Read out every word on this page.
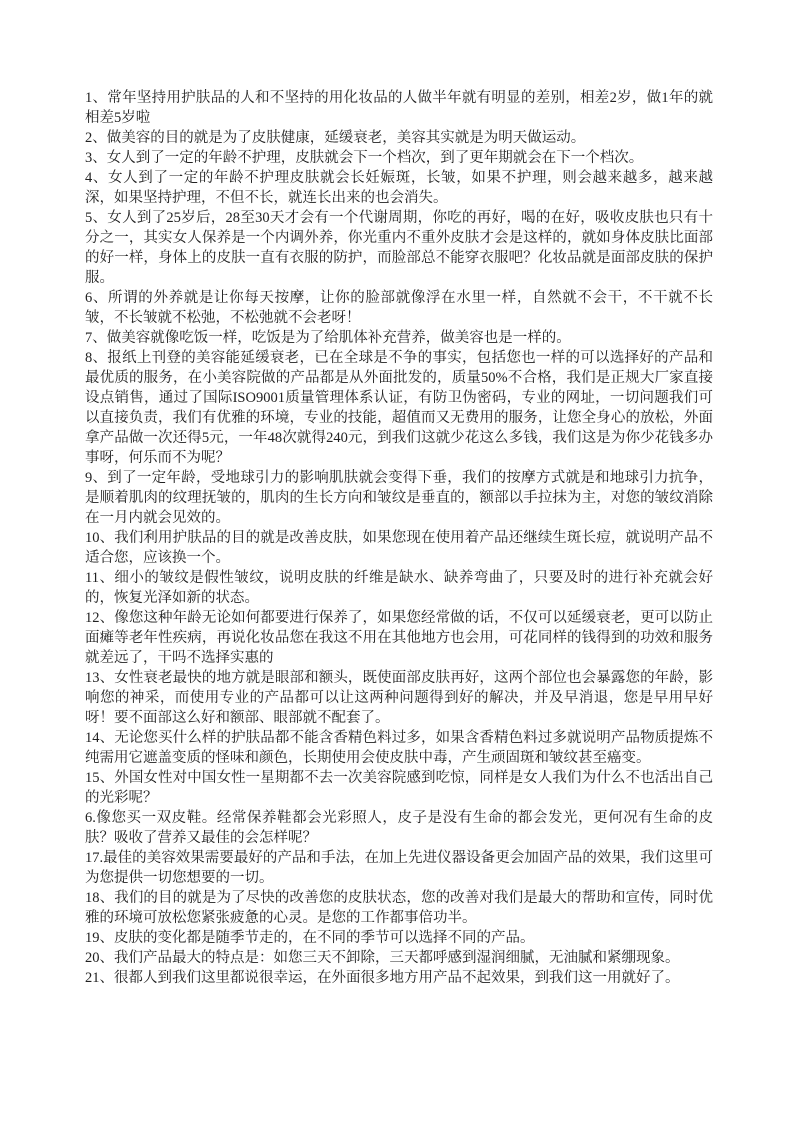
1、常年坚持用护肤品的人和不坚持的用化妆品的人做半年就有明显的差别，相差2岁，做1年的就相差5岁啦

2、做美容的目的就是为了皮肤健康，延缓衰老，美容其实就是为明天做运动。

3、女人到了一定的年龄不护理，皮肤就会下一个档次，到了更年期就会在下一个档次。

4、女人到了一定的年龄不护理皮肤就会长妊娠斑，长皱，如果不护理，则会越来越多，越来越深，如果坚持护理，不但不长，就连长出来的也会消失。

5、女人到了25岁后，28至30天才会有一个代谢周期，你吃的再好，喝的在好，吸收皮肤也只有十分之一，其实女人保养是一个内调外养，你光重内不重外皮肤才会是这样的，就如身体皮肤比面部的好一样，身体上的皮肤一直有衣服的防护，而脸部总不能穿衣服吧？化妆品就是面部皮肤的保护服。

6、所谓的外养就是让你每天按摩，让你的脸部就像浮在水里一样，自然就不会干，不干就不长皱，不长皱就不松弛，不松弛就不会老呀！

7、做美容就像吃饭一样，吃饭是为了给肌体补充营养，做美容也是一样的。

8、报纸上刊登的美容能延缓衰老，已在全球是不争的事实，包括您也一样的可以选择好的产品和最优质的服务，在小美容院做的产品都是从外面批发的，质量50%不合格，我们是正规大厂家直接设点销售，通过了国际ISO9001质量管理体系认证，有防卫伪密码，专业的网址，一切问题我们可以直接负责，我们有优雅的环境，专业的技能，超值而又无费用的服务，让您全身心的放松，外面拿产品做一次还得5元，一年48次就得240元，到我们这就少花这么多钱，我们这是为你少花钱多办事呀，何乐而不为呢？

9、到了一定年龄，受地球引力的影响肌肤就会变得下垂，我们的按摩方式就是和地球引力抗争，是顺着肌肉的纹理抚皱的，肌肉的生长方向和皱纹是垂直的，额部以手拉抹为主，对您的皱纹消除在一月内就会见效的。

10、我们利用护肤品的目的就是改善皮肤，如果您现在使用着产品还继续生斑长痘，就说明产品不适合您，应该换一个。

11、细小的皱纹是假性皱纹，说明皮肤的纤维是缺水、缺养弯曲了，只要及时的进行补充就会好的，恢复光泽如新的状态。

12、像您这种年龄无论如何都要进行保养了，如果您经常做的话，不仅可以延缓衰老，更可以防止面瘫等老年性疾病，再说化妆品您在我这不用在其他地方也会用，可花同样的钱得到的功效和服务就差远了，干吗不选择实惠的

13、女性衰老最快的地方就是眼部和额头，既使面部皮肤再好，这两个部位也会暴露您的年龄，影响您的神采，而使用专业的产品都可以让这两种问题得到好的解决，并及早消退，您是早用早好呀！要不面部这么好和额部、眼部就不配套了。

14、无论您买什么样的护肤品都不能含香精色料过多，如果含香精色料过多就说明产品物质提炼不纯需用它遮盖变质的怪味和颜色，长期使用会使皮肤中毒，产生顽固斑和皱纹甚至癌变。

15、外国女性对中国女性一星期都不去一次美容院感到吃惊，同样是女人我们为什么不也活出自己的光彩呢？

6.像您买一双皮鞋。经常保养鞋都会光彩照人，皮子是没有生命的都会发光，更何况有生命的皮肤？吸收了营养又最佳的会怎样呢？

17.最佳的美容效果需要最好的产品和手法，在加上先进仪器设备更会加固产品的效果，我们这里可为您提供一切您想要的一切。

18、我们的目的就是为了尽快的改善您的皮肤状态，您的改善对我们是最大的帮助和宣传，同时优雅的环境可放松您紧张疲惫的心灵。是您的工作都事倍功半。

19、皮肤的变化都是随季节走的，在不同的季节可以选择不同的产品。

20、我们产品最大的特点是：如您三天不卸除，三天都呼感到湿润细腻，无油腻和紧绷现象。

21、很都人到我们这里都说很幸运，在外面很多地方用产品不起效果，到我们这一用就好了。
